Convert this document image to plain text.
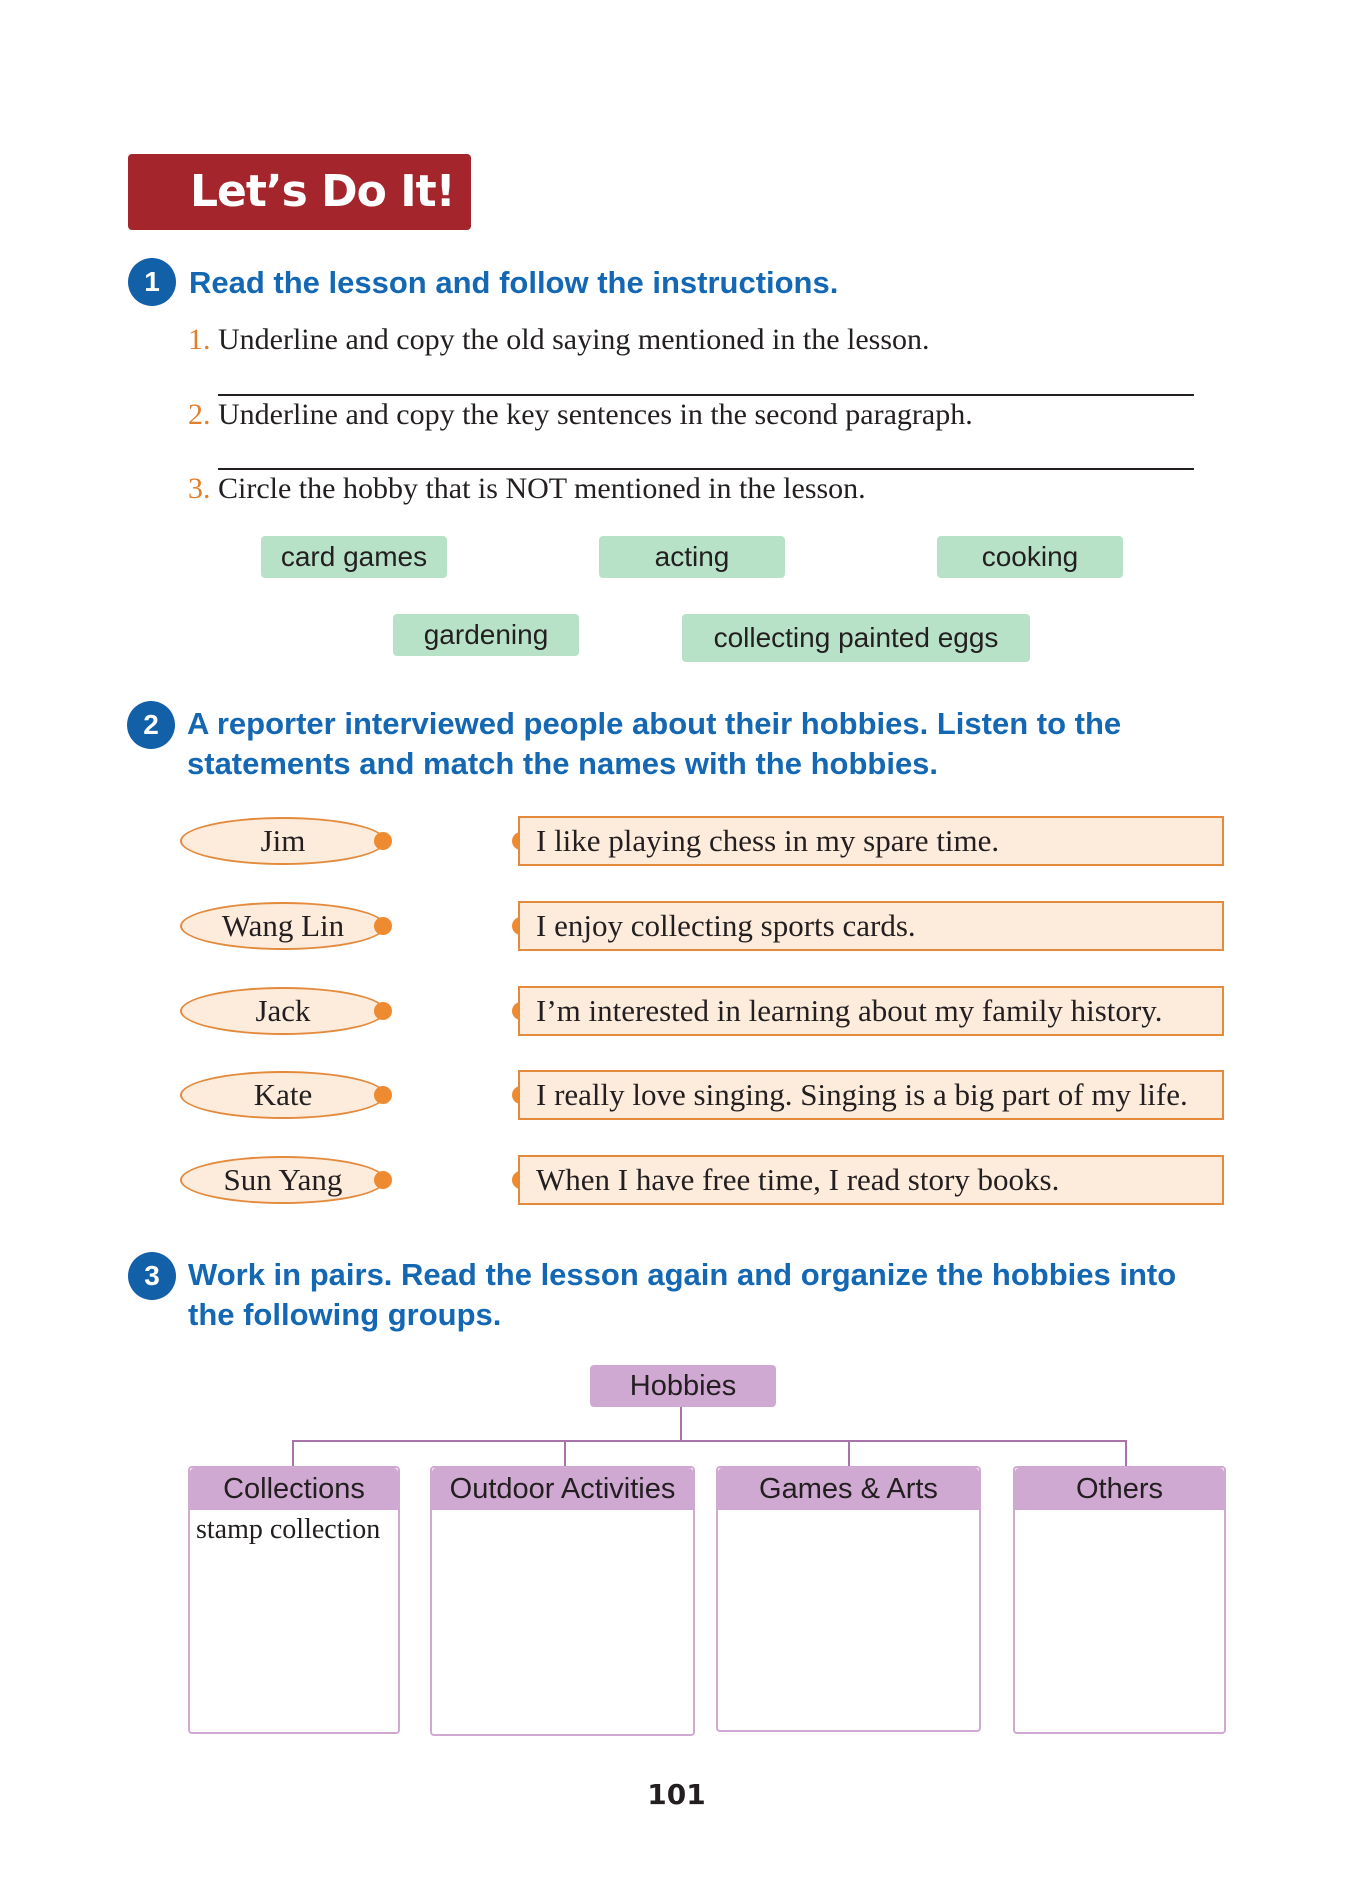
Let’s Do It!
1 Read the lesson and follow the instructions.
1. Underline and copy the old saying mentioned in the lesson.
2. Underline and copy the key sentences in the second paragraph.
3. Circle the hobby that is NOT mentioned in the lesson.
card games	acting	cooking
gardening	collecting painted eggs
2 A reporter interviewed people about their hobbies. Listen to the
statements and match the names with the hobbies.
Jim
Wang Lin
Jack
Kate
Sun Yang
I like playing chess in my spare time.
I enjoy collecting sports cards.
I’m interested in learning about my family history.
I really love singing. Singing is a big part of my life.
When I have free time, I read story books.
3 Work in pairs. Read the lesson again and organize the hobbies into
the following groups.
Hobbies
Collections
stamp collection
Outdoor Activities	Games & Arts	Others
101
